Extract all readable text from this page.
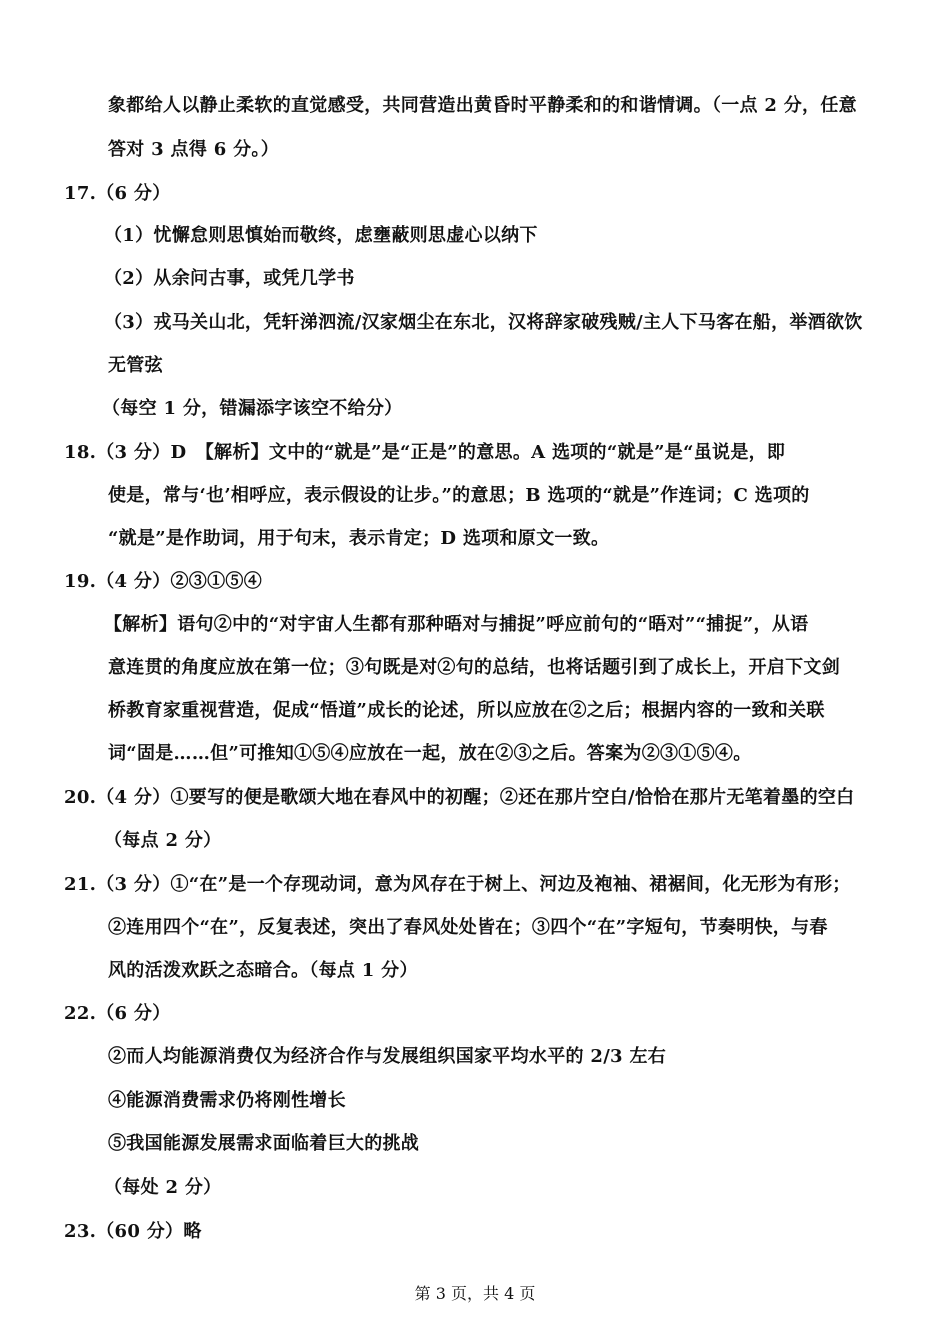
象都给人以静止柔软的直觉感受，共同营造出黄昏时平静柔和的和谐情调。（一点 2 分，任意
答对 3 点得 6 分。）
17.（6 分）
（1）忧懈怠则思慎始而敬终，虑壅蔽则思虚心以纳下
（2）从余问古事，或凭几学书
（3）戎马关山北，凭轩涕泗流/汉家烟尘在东北，汉将辞家破残贼/主人下马客在船，举酒欲饮
无管弦
（每空 1 分，错漏添字该空不给分）
18.（3 分）D　【解析】文中的“就是”是“正是”的意思。A 选项的“就是”是“虽说是，即
使是，常与‘也’相呼应，表示假设的让步。”的意思；B 选项的“就是”作连词；C 选项的
“就是”是作助词，用于句末，表示肯定；D 选项和原文一致。
19.（4 分）②③①⑤④
【解析】语句②中的“对宇宙人生都有那种晤对与捕捉”呼应前句的“晤对”“捕捉”，从语
意连贯的角度应放在第一位；③句既是对②句的总结，也将话题引到了成长上，开启下文剑
桥教育家重视营造，促成“悟道”成长的论述，所以应放在②之后；根据内容的一致和关联
词“固是……但”可推知①⑤④应放在一起，放在②③之后。答案为②③①⑤④。
20.（4 分）①要写的便是歌颂大地在春风中的初醒；②还在那片空白/恰恰在那片无笔着墨的空白
（每点 2 分）
21.（3 分）①“在”是一个存现动词，意为风存在于树上、河边及袍袖、裙裾间，化无形为有形；
②连用四个“在”，反复表述，突出了春风处处皆在；③四个“在”字短句，节奏明快，与春
风的活泼欢跃之态暗合。（每点 1 分）
22.（6 分）
②而人均能源消费仅为经济合作与发展组织国家平均水平的 2/3 左右
④能源消费需求仍将刚性增长
⑤我国能源发展需求面临着巨大的挑战
（每处 2 分）
23.（60 分）略
第 3 页，共 4 页
